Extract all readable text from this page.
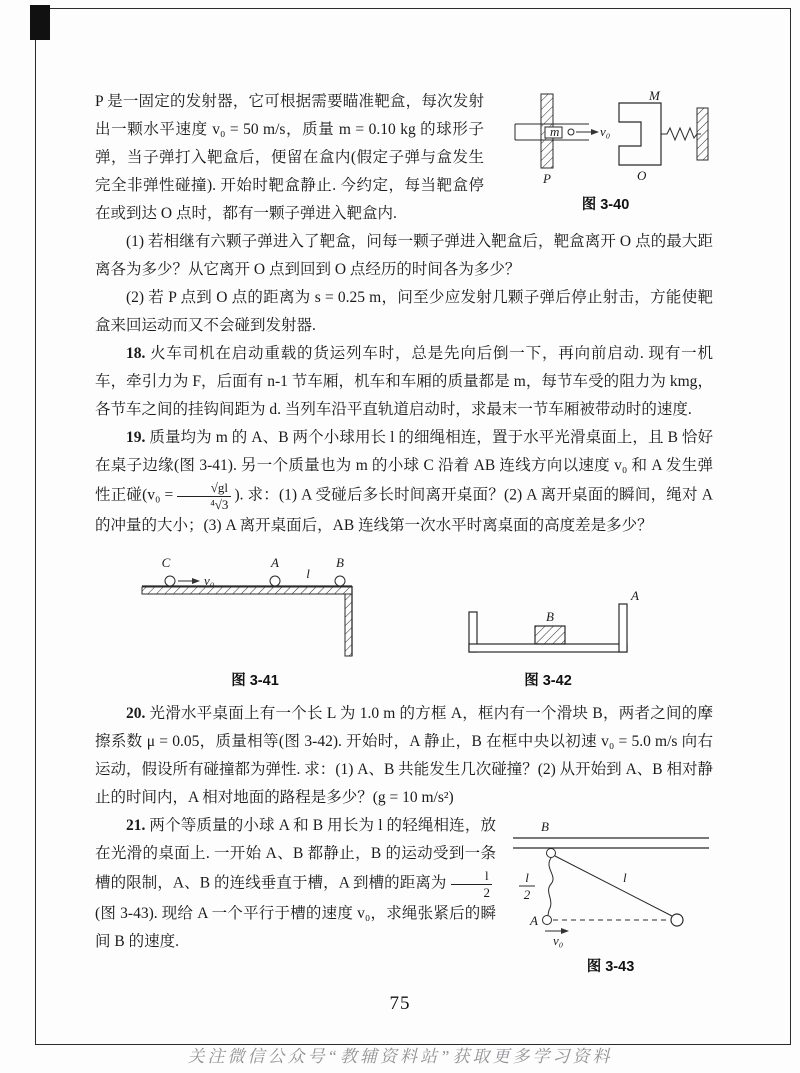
m	v₀
P
M
O
图 3-40

P 是一固定的发射器，它可根据需要瞄准靶盒，每次发射出一颗水平速度 v₀ = 50 m/s，质量 m = 0.10 kg 的球形子弹，当子弹打入靶盒后，便留在盒内(假定子弹与盒发生完全非弹性碰撞). 开始时靶盒静止. 今约定，每当靶盒停在或到达 O 点时，都有一颗子弹进入靶盒内.

(1) 若相继有六颗子弹进入了靶盒，问每一颗子弹进入靶盒后，靶盒离开 O 点的最大距离各为多少？从它离开 O 点到回到 O 点经历的时间各为多少？

(2) 若 P 点到 O 点的距离为 s = 0.25 m，问至少应发射几颗子弹后停止射击，方能使靶盒来回运动而又不会碰到发射器.

18. 火车司机在启动重载的货运列车时，总是先向后倒一下，再向前启动. 现有一机车，牵引力为 F，后面有 n-1 节车厢，机车和车厢的质量都是 m，每节车受的阻力为 kmg，各节车之间的挂钩间距为 d. 当列车沿平直轨道启动时，求最末一节车厢被带动时的速度.

19. 质量均为 m 的 A、B 两个小球用长 l 的细绳相连，置于水平光滑桌面上，且 B 恰好在桌子边缘(图 3-41). 另一个质量也为 m 的小球 C 沿着 AB 连线方向以速度 v₀ 和 A 发生弹性正碰($v_0 = \frac{√gl}{\text{⁴√3}}$ ). 求：(1) A 受碰后多长时间离开桌面？(2) A 离开桌面的瞬间，绳对 A 的冲量的大小；(3) A 离开桌面后，AB 连线第一次水平时离桌面的高度差是多少？

C
v₀
A
l
B
图 3-41
B
A
图 3-42

20. 光滑水平桌面上有一个长 L 为 1.0 m 的方框 A，框内有一个滑块 B，两者之间的摩擦系数 μ = 0.05，质量相等(图 3-42). 开始时，A 静止，B 在框中央以初速 v₀ = 5.0 m/s 向右运动，假设所有碰撞都为弹性. 求：(1) A、B 共能发生几次碰撞？(2) 从开始到 A、B 相对静止的时间内，A 相对地面的路程是多少？(g = 10 m/s²)

B
l
2
A
l
v₀
图 3-43

21. 两个等质量的小球 A 和 B 用长为 l 的轻绳相连，放在光滑的桌面上. 一开始 A、B 都静止，B 的运动受到一条槽的限制，A、B 的连线垂直于槽，A 到槽的距离为 $\frac{l}{2}$
(图 3-43). 现给 A 一个平行于槽的速度 v₀，求绳张紧后的瞬间 B 的速度.

75
关注微信公众号“教辅资料站”获取更多学习资料
